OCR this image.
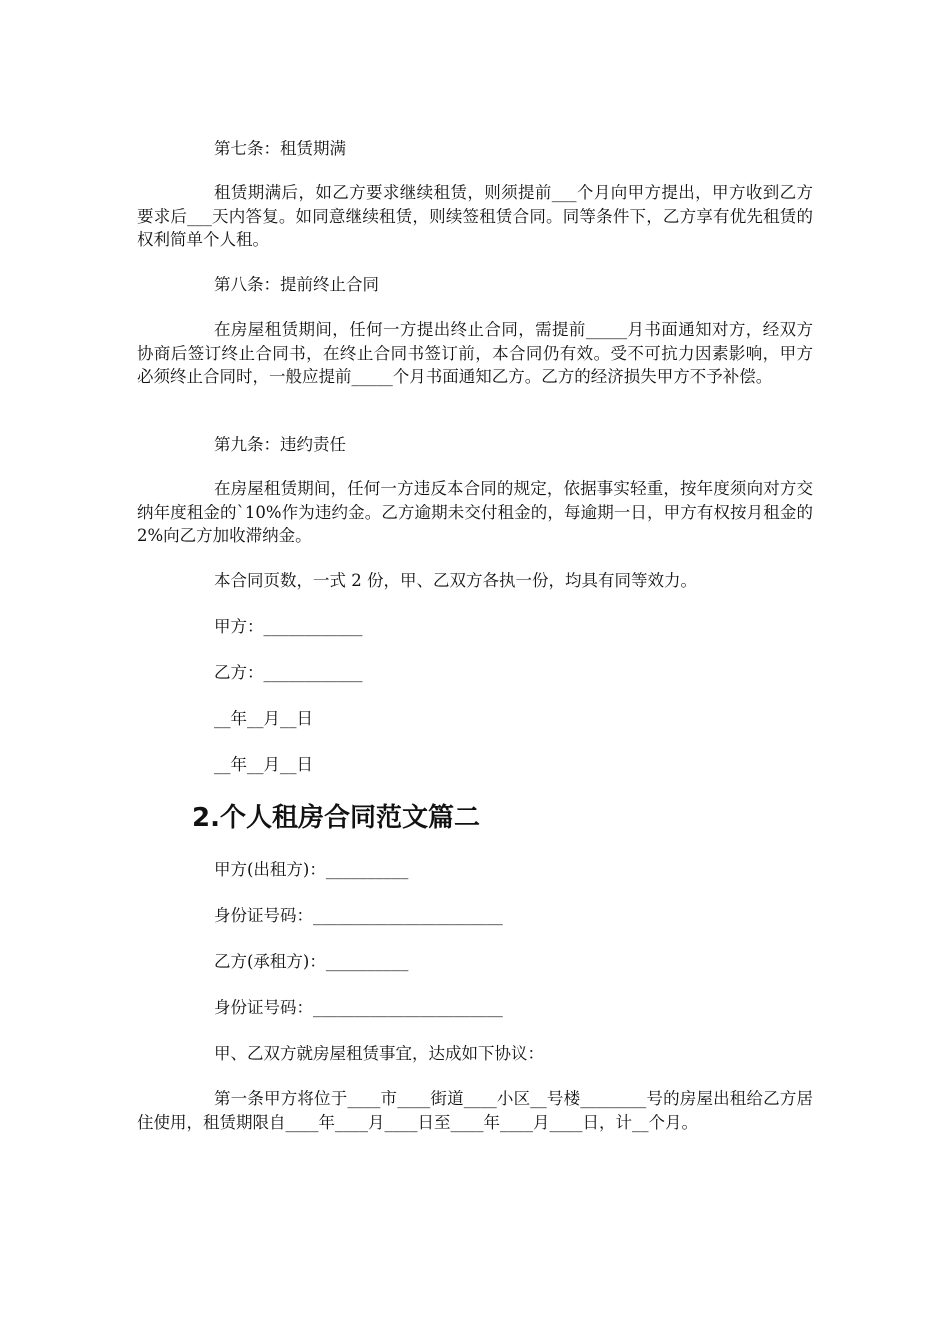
第七条：租赁期满

租赁期满后，如乙方要求继续租赁，则须提前___个月向甲方提出，甲方收到乙方要求后___天内答复。如同意继续租赁，则续签租赁合同。同等条件下，乙方享有优先租赁的权利简单个人租。

第八条：提前终止合同

在房屋租赁期间，任何一方提出终止合同，需提前_____月书面通知对方，经双方协商后签订终止合同书，在终止合同书签订前，本合同仍有效。受不可抗力因素影响，甲方必须终止合同时，一般应提前_____个月书面通知乙方。乙方的经济损失甲方不予补偿。

第九条：违约责任

在房屋租赁期间，任何一方违反本合同的规定，依据事实轻重，按年度须向对方交纳年度租金的`10%作为违约金。乙方逾期未交付租金的，每逾期一日，甲方有权按月租金的 2%向乙方加收滞纳金。

本合同页数，一式 2 份，甲、乙双方各执一份，均具有同等效力。

甲方：____________

乙方：____________

__年__月__日

__年__月__日

2.个人租房合同范文篇二

甲方(出租方)：__________

身份证号码：_______________________

乙方(承租方)：__________

身份证号码：_______________________

甲、乙双方就房屋租赁事宜，达成如下协议：

第一条甲方将位于____市____街道____小区__号楼________号的房屋出租给乙方居住使用，租赁期限自____年____月____日至____年____月____日，计__个月。
